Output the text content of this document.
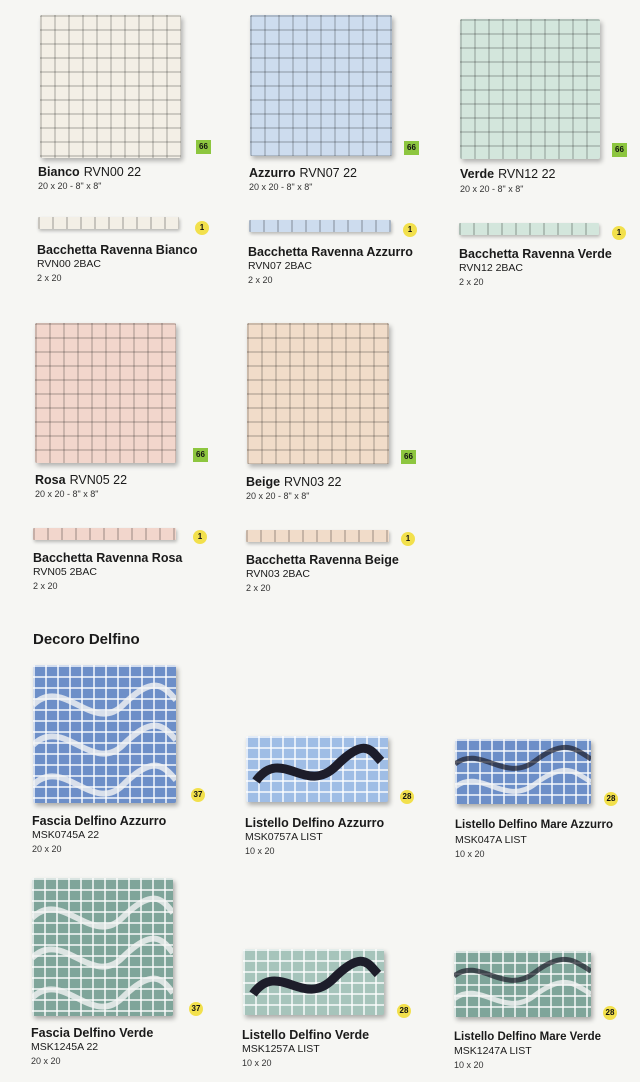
66
Bianco RVN00 22
20 x 20 - 8" x 8"
66
Azzurro RVN07 22
20 x 20 - 8" x 8"
66
Verde RVN12 22
20 x 20 - 8" x 8"
1
Bacchetta Ravenna Bianco
RVN00 2BAC
2 x 20
1
Bacchetta Ravenna Azzurro
RVN07 2BAC
2 x 20
1
Bacchetta Ravenna Verde
RVN12 2BAC
2 x 20
66
Rosa RVN05 22
20 x 20 - 8" x 8"
66
Beige RVN03 22
20 x 20 - 8" x 8"
1
Bacchetta Ravenna Rosa
RVN05 2BAC
2 x 20
1
Bacchetta Ravenna Beige
RVN03 2BAC
2 x 20
Decoro Delfino
37
Fascia Delfino Azzurro
MSK0745A 22
20 x 20
28
Listello Delfino Azzurro
MSK0757A LIST
10 x 20
28
Listello Delfino Mare Azzurro
MSK047A LIST
10 x 20
37
Fascia Delfino Verde
MSK1245A 22
20 x 20
28
Listello Delfino Verde
MSK1257A LIST
10 x 20
28
Listello Delfino Mare Verde
MSK1247A LIST
10 x 20
